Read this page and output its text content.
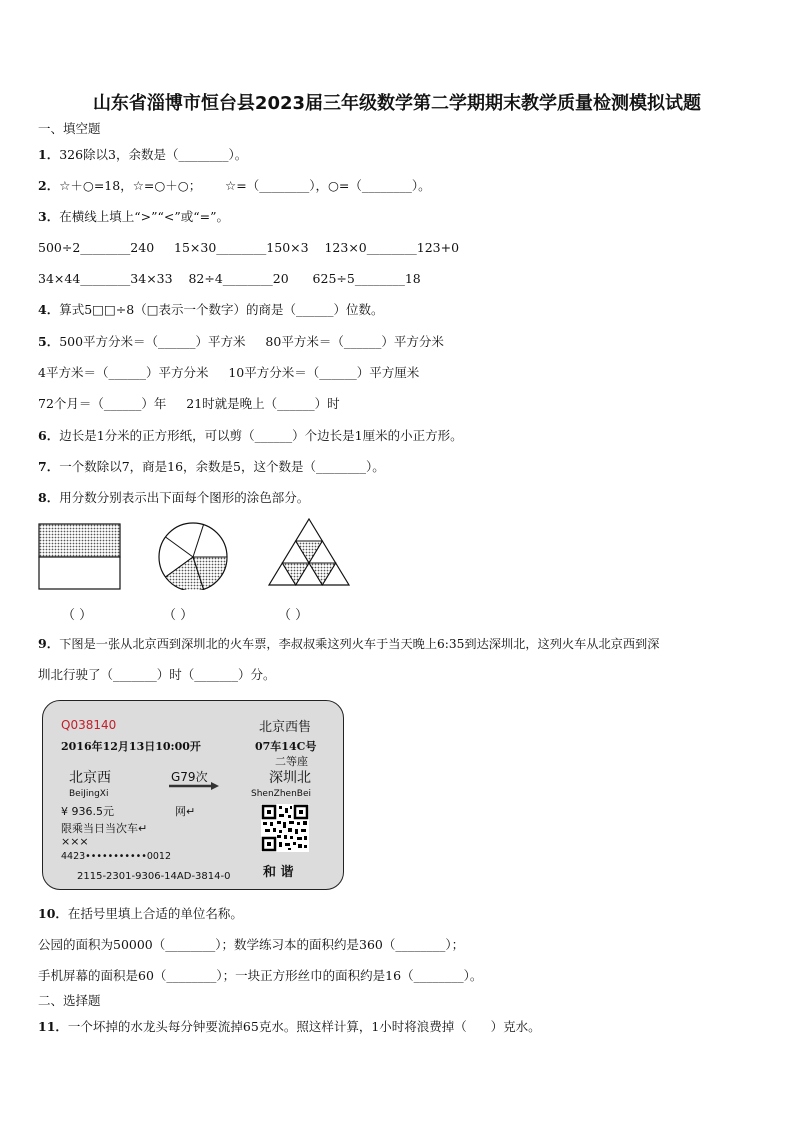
山东省淄博市恒台县2023届三年级数学第二学期期末教学质量检测模拟试题
一、填空题
1．326除以3，余数是（________）。
2．☆＋○=18，☆=○＋○；      ☆=（________），○=（________）。
3．在横线上填上“>”“<”或“=”。
500÷2________240     15×30________150×3    123×0________123+0
34×44________34×33    82÷4________20      625÷5________18
4．算式5□□÷8（□表示一个数字）的商是（______）位数。
5．500平方分米＝（______）平方米     80平方米＝（______）平方分米
4平方米＝（______）平方分米     10平方分米＝（______）平方厘米
72个月＝（______）年     21时就是晚上（______）时
6．边长是1分米的正方形纸，可以剪（______）个边长是1厘米的小正方形。
7．一个数除以7，商是16，余数是5，这个数是（________）。
8．用分数分别表示出下面每个图形的涂色部分。
（ ）	（ ）	（ ）
9．下图是一张从北京西到深圳北的火车票，李叔叔乘这列火车于当天晚上6:35到达深圳北，这列火车从北京西到深
圳北行驶了（_______）时（_______）分。
Q038140	北京西售
2016年12月13日10:00开	07车14C号
二等座
北京西	G79次	深圳北
BeiJingXi	ShenZhenBei
¥ 936.5元	网↵
限乘当日当次车↵
×××
4423•••••••••••0012
2115-2301-9306-14AD-3814-0	和 谐
10．在括号里填上合适的单位名称。
公园的面积为50000（________）；数学练习本的面积约是360（________）；
手机屏幕的面积是60（________）；一块正方形丝巾的面积约是16（________）。
二、选择题
11．一个坏掉的水龙头每分钟要流掉65克水。照这样计算，1小时将浪费掉（      ）克水。
